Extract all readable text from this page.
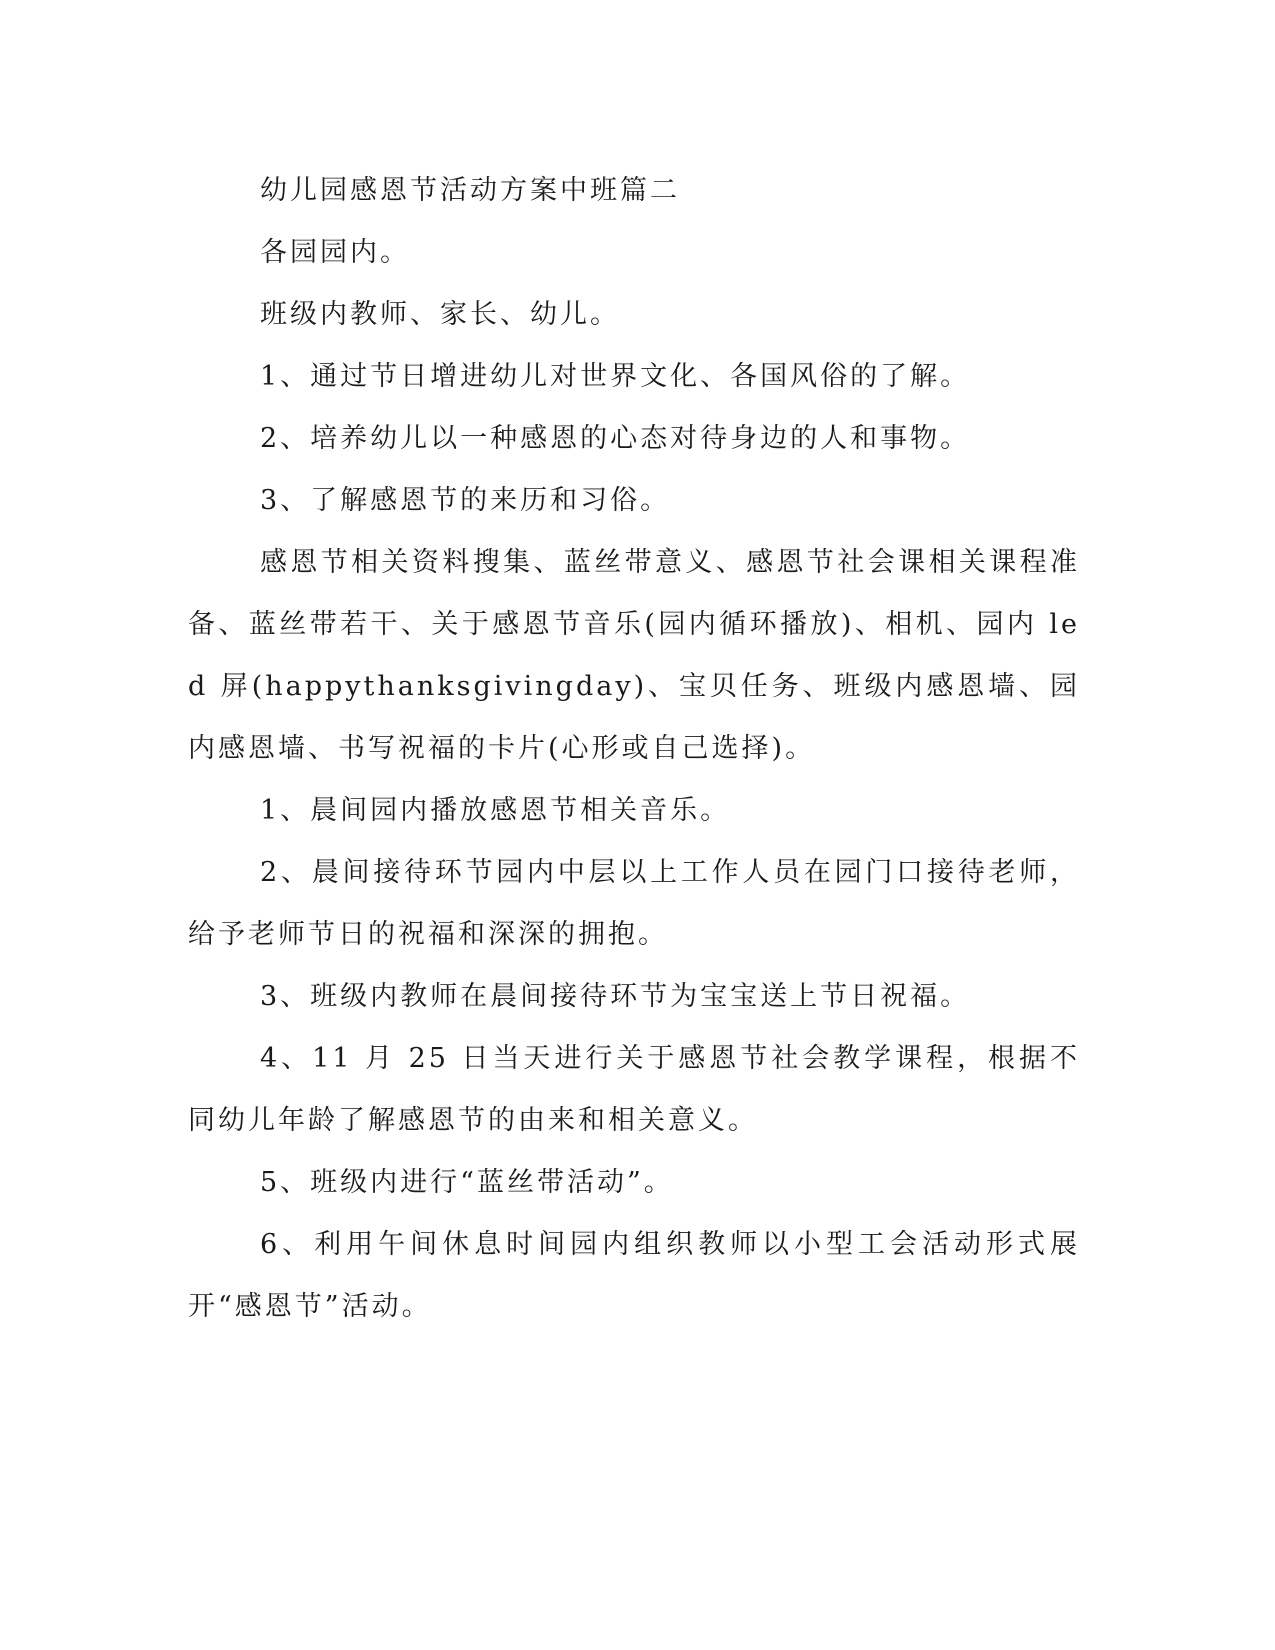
幼儿园感恩节活动方案中班篇二

各园园内。

班级内教师、家长、幼儿。

1、通过节日增进幼儿对世界文化、各国风俗的了解。

2、培养幼儿以一种感恩的心态对待身边的人和事物。

3、了解感恩节的来历和习俗。

感恩节相关资料搜集、蓝丝带意义、感恩节社会课相关课程准备、蓝丝带若干、关于感恩节音乐(园内循环播放)、相机、园内 led 屏(happythanksgivingday)、宝贝任务、班级内感恩墙、园内感恩墙、书写祝福的卡片(心形或自己选择)。

1、晨间园内播放感恩节相关音乐。

2、晨间接待环节园内中层以上工作人员在园门口接待老师，给予老师节日的祝福和深深的拥抱。

3、班级内教师在晨间接待环节为宝宝送上节日祝福。

4、11 月 25 日当天进行关于感恩节社会教学课程，根据不同幼儿年龄了解感恩节的由来和相关意义。

5、班级内进行“蓝丝带活动”。

6、利用午间休息时间园内组织教师以小型工会活动形式展开“感恩节”活动。
